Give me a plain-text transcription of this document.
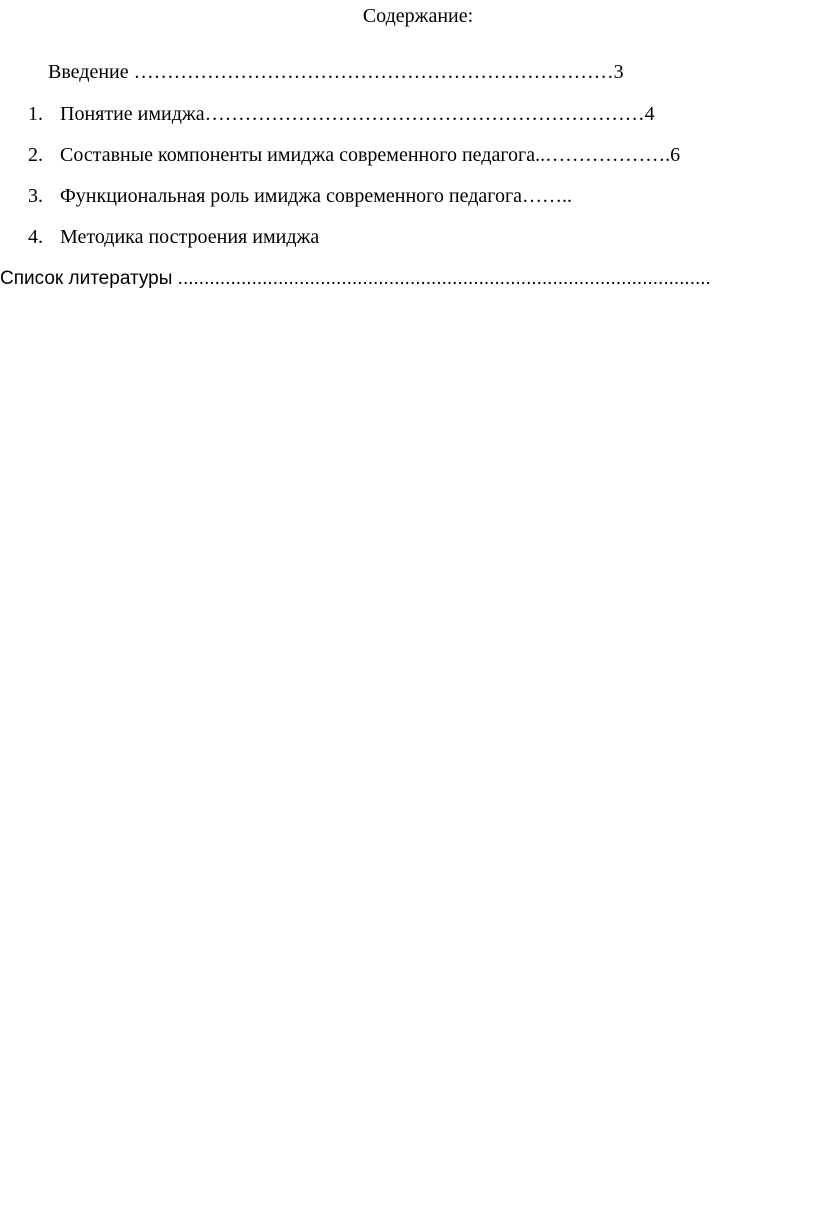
Содержание:
Введение ………………………………………………………………3
1. Понятие имиджа…………………………………………………………4
2. Составные компоненты имиджа современного педагога..……………….6
3. Функциональная роль имиджа современного педагога……..
4. Методика построения имиджа
Список литературы .....................................................................................................
